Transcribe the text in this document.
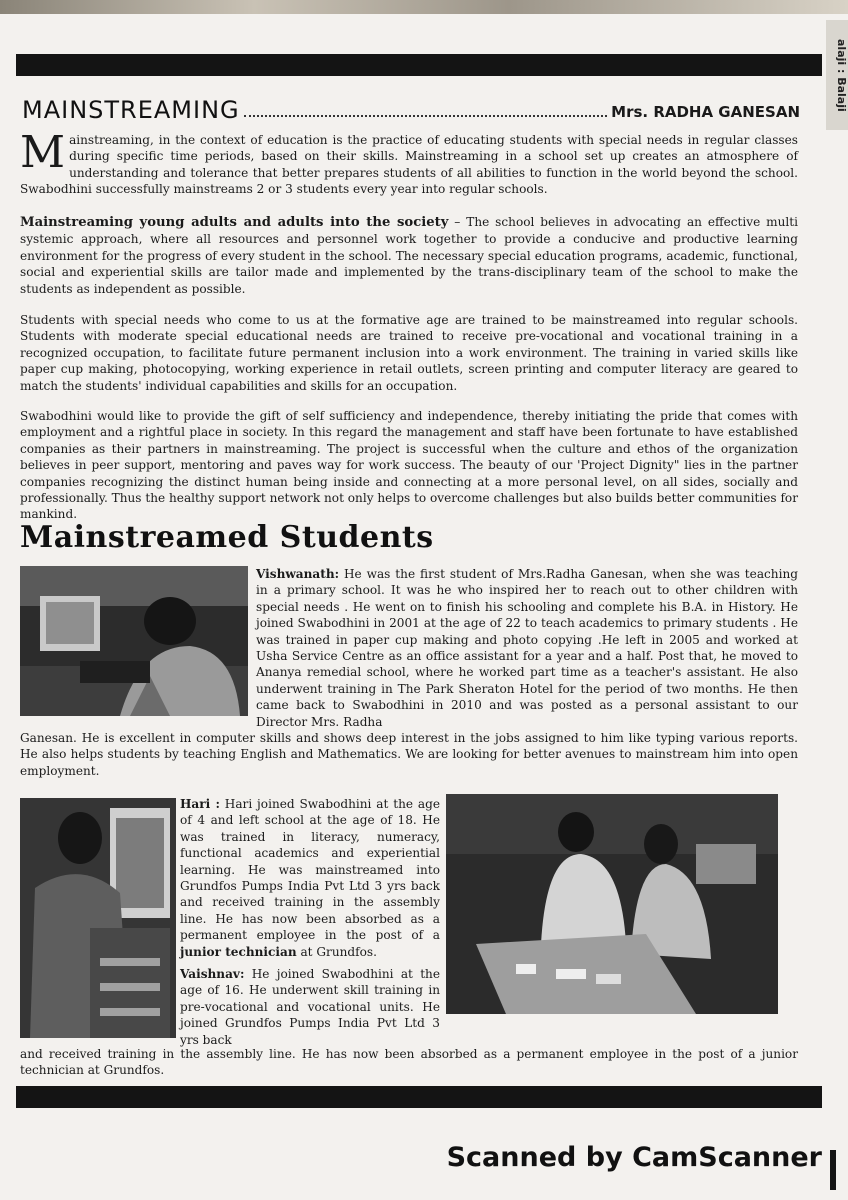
alaji : Balaji
MAINSTREAMING	Mrs. RADHA GANESAN
Mainstreaming, in the context of education is the practice of educating students with special needs in regular classes during specific time periods, based on their skills. Mainstreaming in a school set up creates an atmosphere of understanding and tolerance that better prepares students of all abilities to function in the world beyond the school. Swabodhini successfully mainstreams 2 or 3 students every year into regular schools.
Mainstreaming young adults and adults into the society – The school believes in advocating an effective multi systemic approach, where all resources and personnel work together to provide a conducive and productive learning environment for the progress of every student in the school. The necessary special education programs, academic, functional, social and experiential skills are tailor made and implemented by the trans-disciplinary team of the school to make the students as independent as possible.

Students with special needs who come to us at the formative age are trained to be mainstreamed into regular schools. Students with moderate special educational needs are trained to receive pre-vocational and vocational training in a recognized occupation, to facilitate future permanent inclusion into a work environment. The training in varied skills like paper cup making, photocopying, working experience in retail outlets, screen printing and computer literacy are geared to match the students' individual capabilities and skills for an occupation.

Swabodhini would like to provide the gift of self sufficiency and independence, thereby initiating the pride that comes with employment and a rightful place in society. In this regard the management and staff have been fortunate to have established companies as their partners in mainstreaming. The project is successful when the culture and ethos of the organization believes in peer support, mentoring and paves way for work success. The beauty of our 'Project Dignity" lies in the partner companies recognizing the distinct human being inside and connecting at a more personal level, on all sides, socially and professionally. Thus the healthy support network not only helps to overcome challenges but also builds better communities for mankind.

Mainstreamed Students
Vishwanath: He was the first student of Mrs.Radha Ganesan, when she was teaching in a primary school. It was he who inspired her to reach out to other children with special needs . He went on to finish his schooling and complete his B.A. in History. He joined Swabodhini in 2001 at the age of 22 to teach academics to primary students . He was trained in paper cup making and photo copying .He left in 2005 and worked at Usha Service Centre as an office assistant for a year and a half. Post that, he moved to Ananya remedial school, where he worked part time as a teacher's assistant. He also underwent training in The Park Sheraton Hotel for the period of two months. He then came back to Swabodhini in 2010 and was posted as a personal assistant to our Director Mrs. Radha

Ganesan. He is excellent in computer skills and shows deep interest in the jobs assigned to him like typing various reports. He also helps students by teaching English and Mathematics. We are looking for better avenues to mainstream him into open employment.

Hari : Hari joined Swabodhini at the age of 4 and left school at the age of 18. He was trained in literacy, numeracy, functional academics and experiential learning. He was mainstreamed into Grundfos Pumps India Pvt Ltd 3 yrs back and received training in the assembly line. He has now been absorbed as a permanent employee in the post of a junior technician at Grundfos.
Vaishnav: He joined Swabodhini at the age of 16. He underwent skill training in pre-vocational and vocational units. He joined Grundfos Pumps India Pvt Ltd 3 yrs back

and received training in the assembly line. He has now been absorbed as a permanent employee in the post of a junior technician at Grundfos.

Scanned by CamScanner
